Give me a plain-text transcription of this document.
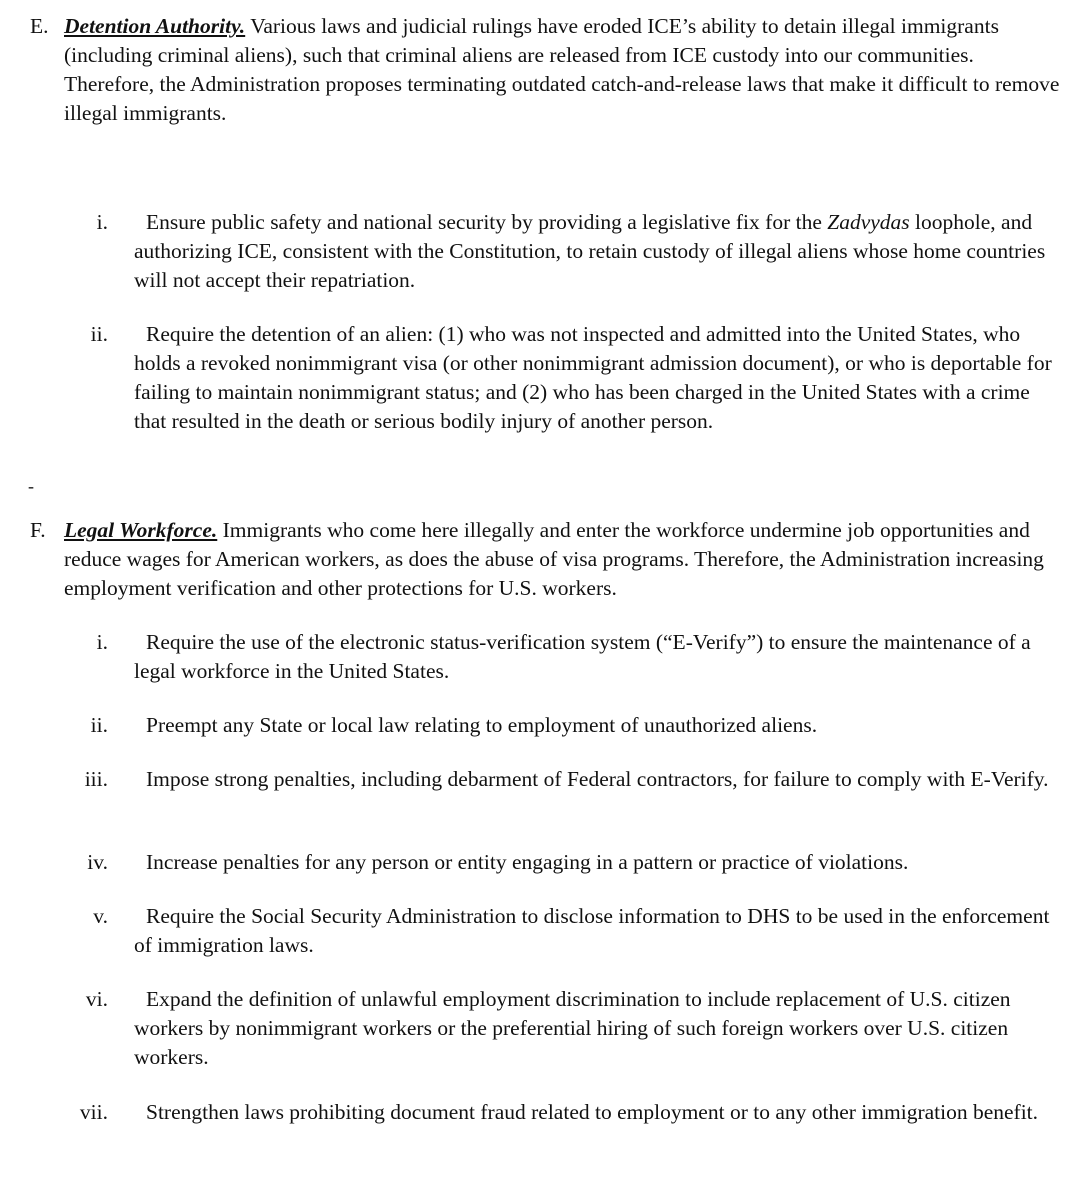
E. Detention Authority. Various laws and judicial rulings have eroded ICE’s ability to detain illegal immigrants (including criminal aliens), such that criminal aliens are released from ICE custody into our communities. Therefore, the Administration proposes terminating outdated catch-and-release laws that make it difficult to remove illegal immigrants.
i.	Ensure public safety and national security by providing a legislative fix for the Zadvydas loophole, and authorizing ICE, consistent with the Constitution, to retain custody of illegal aliens whose home countries will not accept their repatriation.
ii.	Require the detention of an alien: (1) who was not inspected and admitted into the United States, who holds a revoked nonimmigrant visa (or other nonimmigrant admission document), or who is deportable for failing to maintain nonimmigrant status; and (2) who has been charged in the United States with a crime that resulted in the death or serious bodily injury of another person.
-
F. Legal Workforce. Immigrants who come here illegally and enter the workforce undermine job opportunities and reduce wages for American workers, as does the abuse of visa programs. Therefore, the Administration increasing employment verification and other protections for U.S. workers.
i.	Require the use of the electronic status-verification system (“E-Verify”) to ensure the maintenance of a legal workforce in the United States.
ii.	Preempt any State or local law relating to employment of unauthorized aliens.
iii.	Impose strong penalties, including debarment of Federal contractors, for failure to comply with E-Verify.
iv.	Increase penalties for any person or entity engaging in a pattern or practice of violations.
v.	Require the Social Security Administration to disclose information to DHS to be used in the enforcement of immigration laws.
vi.	Expand the definition of unlawful employment discrimination to include replacement of U.S. citizen workers by nonimmigrant workers or the preferential hiring of such foreign workers over U.S. citizen workers.
vii.	Strengthen laws prohibiting document fraud related to employment or to any other immigration benefit.
